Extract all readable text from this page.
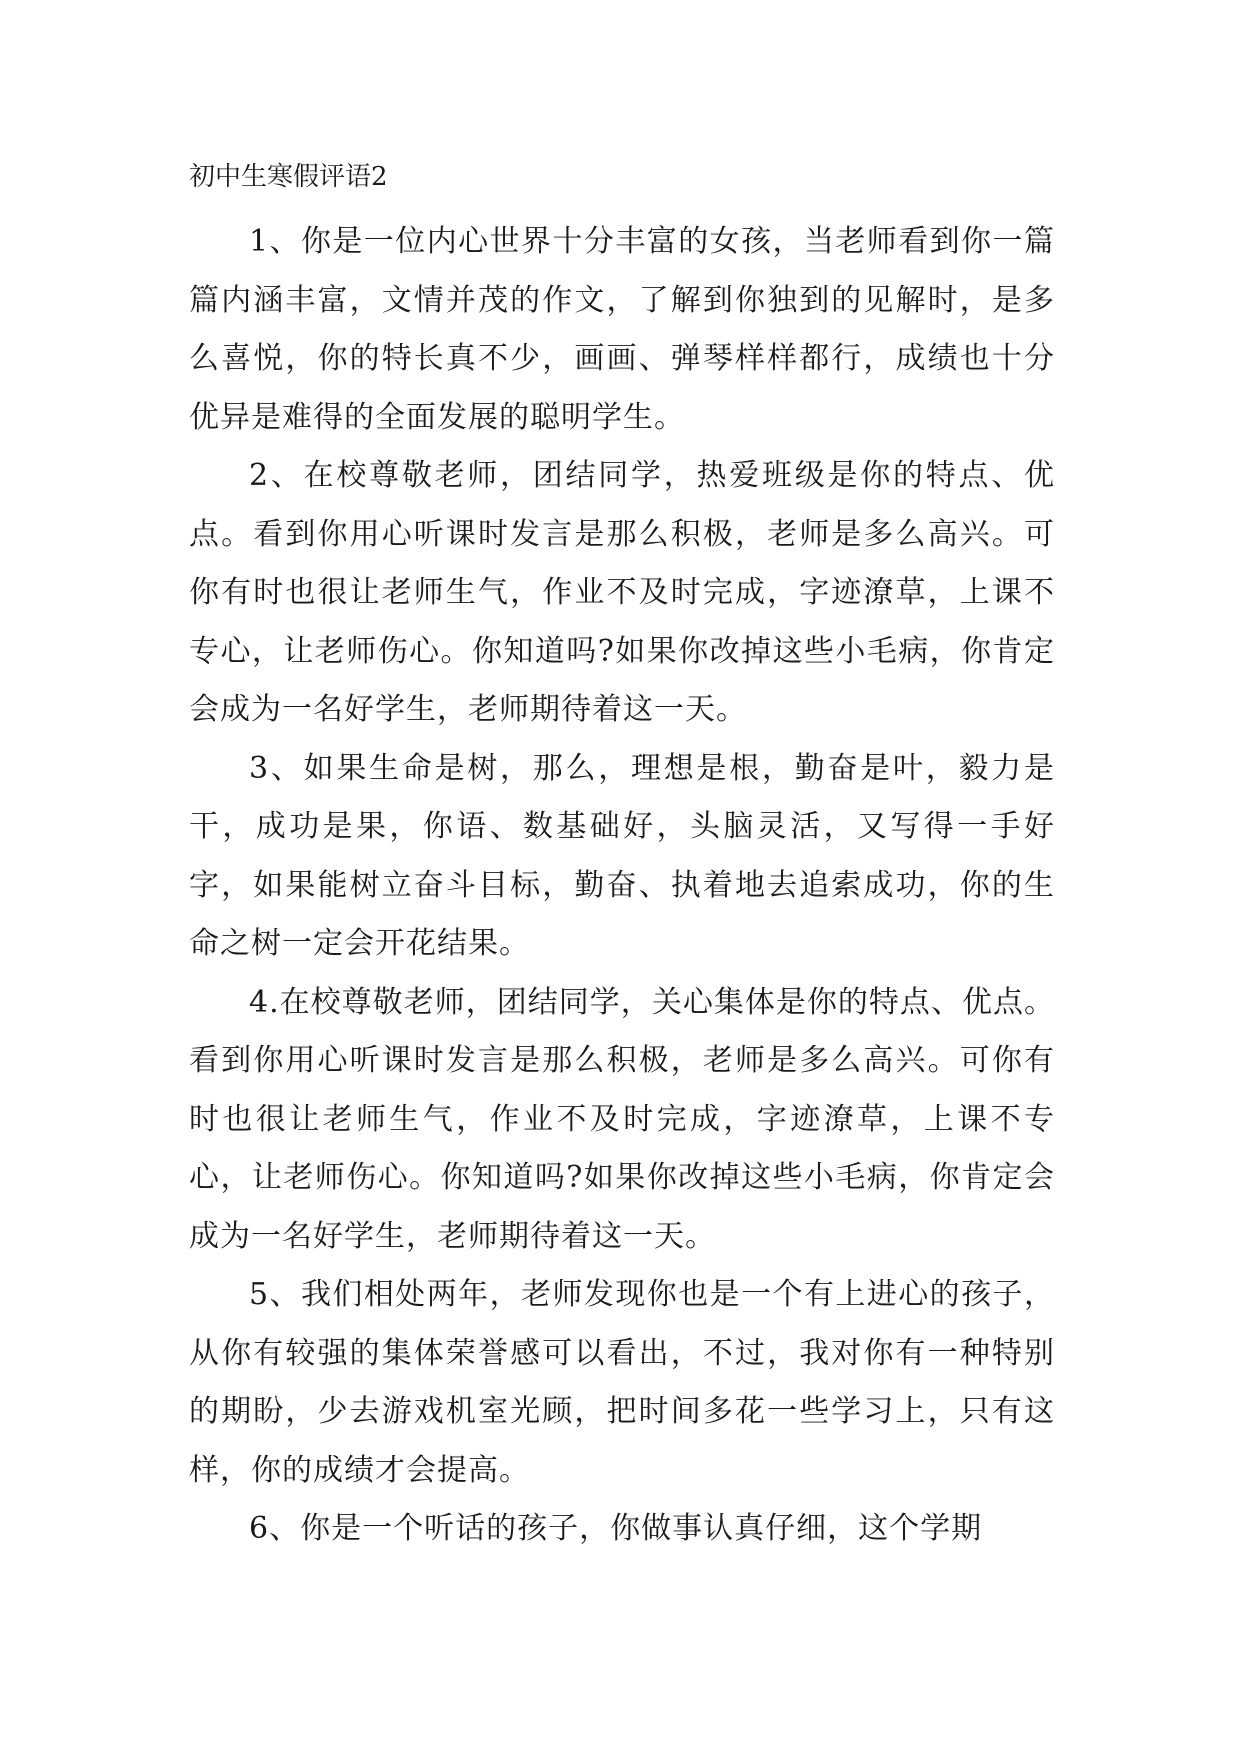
初中生寒假评语2

1、你是一位内心世界十分丰富的女孩，当老师看到你一篇篇内涵丰富，文情并茂的作文，了解到你独到的见解时，是多么喜悦，你的特长真不少，画画、弹琴样样都行，成绩也十分优异是难得的全面发展的聪明学生。

2、在校尊敬老师，团结同学，热爱班级是你的特点、优点。看到你用心听课时发言是那么积极，老师是多么高兴。可你有时也很让老师生气，作业不及时完成，字迹潦草，上课不专心，让老师伤心。你知道吗?如果你改掉这些小毛病，你肯定会成为一名好学生，老师期待着这一天。

3、如果生命是树，那么，理想是根，勤奋是叶，毅力是干，成功是果，你语、数基础好，头脑灵活，又写得一手好字，如果能树立奋斗目标，勤奋、执着地去追索成功，你的生命之树一定会开花结果。

4.在校尊敬老师，团结同学，关心集体是你的特点、优点。看到你用心听课时发言是那么积极，老师是多么高兴。可你有时也很让老师生气，作业不及时完成，字迹潦草，上课不专心，让老师伤心。你知道吗?如果你改掉这些小毛病，你肯定会成为一名好学生，老师期待着这一天。

5、我们相处两年，老师发现你也是一个有上进心的孩子，从你有较强的集体荣誉感可以看出，不过，我对你有一种特别的期盼，少去游戏机室光顾，把时间多花一些学习上，只有这样，你的成绩才会提高。

6、你是一个听话的孩子，你做事认真仔细，这个学期
